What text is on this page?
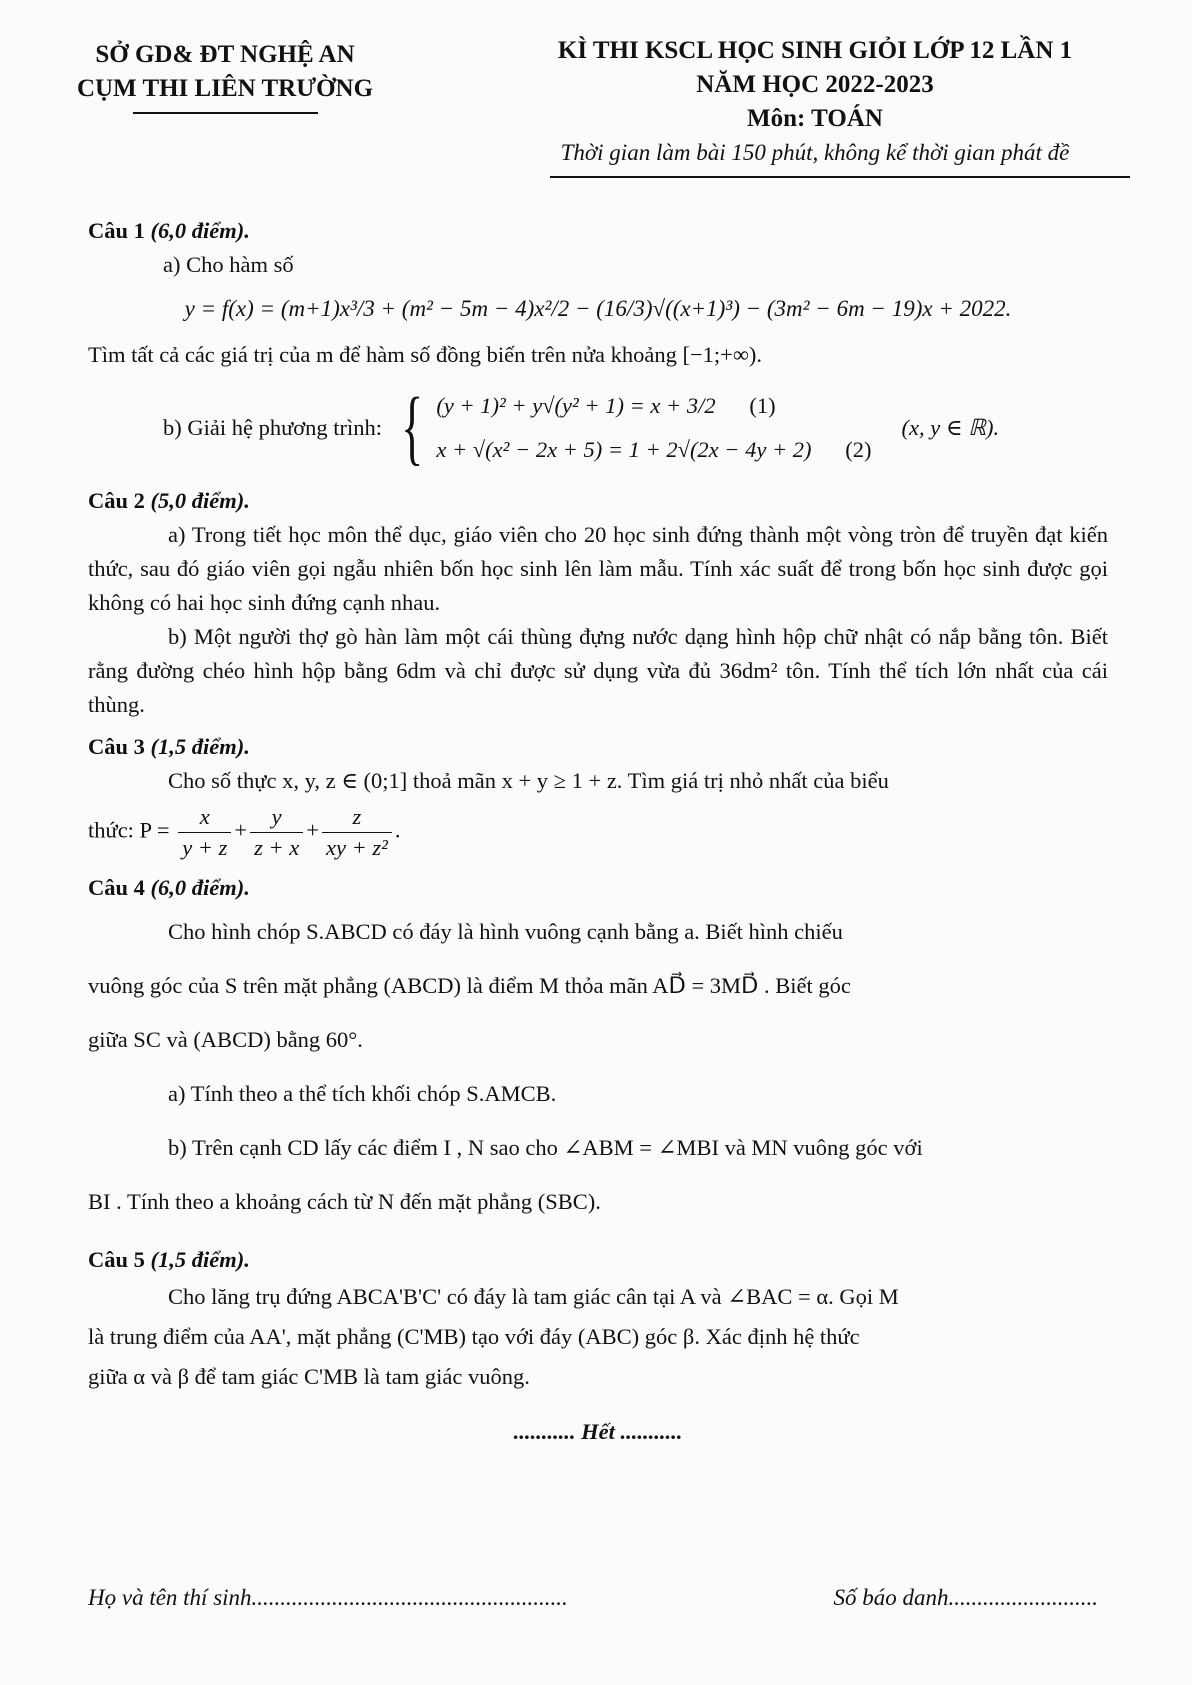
SỞ GD& ĐT NGHỆ AN
CỤM THI LIÊN TRƯỜNG
KÌ THI KSCL HỌC SINH GIỎI LỚP 12 LẦN 1
NĂM HỌC 2022-2023
Môn: TOÁN
Thời gian làm bài 150 phút, không kể thời gian phát đề

Câu 1 (6,0 điểm).

a) Cho hàm số

y = f(x) = (m+1)x³/3 + (m² − 5m − 4)x²/2 − (16/3)√((x+1)³) − (3m² − 6m − 19)x + 2022.

Tìm tất cả các giá trị của m để hàm số đồng biến trên nửa khoảng [−1;+∞).

b) Giải hệ phương trình: { (y + 1)² + y√(y² + 1) = x + 3/2 (1)
x + √(x² − 2x + 5) = 1 + 2√(2x − 4y + 2) (2)
(x, y ∈ ℝ).

Câu 2 (5,0 điểm).

a) Trong tiết học môn thể dục, giáo viên cho 20 học sinh đứng thành một vòng tròn để truyền đạt kiến thức, sau đó giáo viên gọi ngẫu nhiên bốn học sinh lên làm mẫu. Tính xác suất để trong bốn học sinh được gọi không có hai học sinh đứng cạnh nhau.

b) Một người thợ gò hàn làm một cái thùng đựng nước dạng hình hộp chữ nhật có nắp bằng tôn. Biết rằng đường chéo hình hộp bằng 6dm và chỉ được sử dụng vừa đủ 36dm² tôn. Tính thể tích lớn nhất của cái thùng.

Câu 3 (1,5 điểm).

Cho số thực x, y, z ∈ (0;1] thoả mãn x + y ≥ 1 + z. Tìm giá trị nhỏ nhất của biểu

thức: $P = \frac{x}{y + z} + \frac{y}{z + x} + \frac{z}{\text{xy + z²}}$ .

Câu 4 (6,0 điểm).

Cho hình chóp S.ABCD có đáy là hình vuông cạnh bằng a. Biết hình chiếu

vuông góc của S trên mặt phẳng (ABCD) là điểm M thỏa mãn AD⃗ = 3MD⃗ . Biết góc

giữa SC và (ABCD) bằng 60°.

a) Tính theo a thể tích khối chóp S.AMCB.

b) Trên cạnh CD lấy các điểm I , N sao cho ∠ABM = ∠MBI và MN vuông góc với

BI . Tính theo a khoảng cách từ N đến mặt phẳng (SBC).

Câu 5 (1,5 điểm).

Cho lăng trụ đứng ABCA'B'C' có đáy là tam giác cân tại A và ∠BAC = α. Gọi M

là trung điểm của AA', mặt phẳng (C'MB) tạo với đáy (ABC) góc β. Xác định hệ thức

giữa α và β để tam giác C'MB là tam giác vuông.

........... Hết ...........

Họ và tên thí sinh.......................................................	Số báo danh..........................
